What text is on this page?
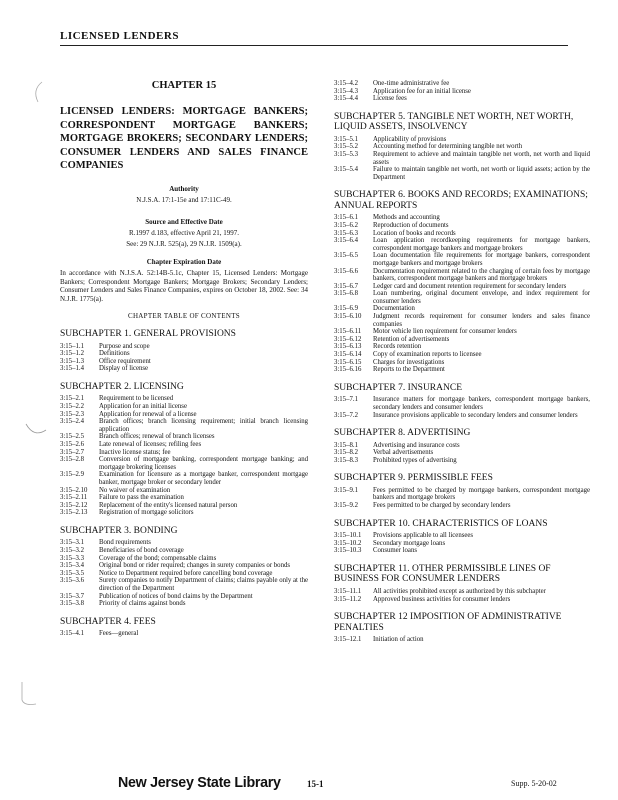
LICENSED LENDERS
CHAPTER 15
LICENSED LENDERS: MORTGAGE BANKERS; CORRESPONDENT MORTGAGE BANKERS; MORTGAGE BROKERS; SECONDARY LENDERS; CONSUMER LENDERS AND SALES FINANCE COMPANIES
Authority
N.J.S.A. 17:1-15e and 17:11C-49.
Source and Effective Date
R.1997 d.183, effective April 21, 1997.
See: 29 N.J.R. 525(a), 29 N.J.R. 1509(a).
Chapter Expiration Date
In accordance with N.J.S.A. 52:14B-5.1c, Chapter 15, Licensed Lenders: Mortgage Bankers; Correspondent Mortgage Bankers; Mortgage Brokers; Secondary Lenders; Consumer Lenders and Sales Finance Companies, expires on October 18, 2002. See: 34 N.J.R. 1775(a).
CHAPTER TABLE OF CONTENTS
SUBCHAPTER 1. GENERAL PROVISIONS
3:15–1.1	Purpose and scope
3:15–1.2	Definitions
3:15–1.3	Office requirement
3:15–1.4	Display of license
SUBCHAPTER 2. LICENSING
3:15–2.1	Requirement to be licensed
3:15–2.2	Application for an initial license
3:15–2.3	Application for renewal of a license
3:15–2.4	Branch offices; branch licensing requirement; initial branch licensing application
3:15–2.5	Branch offices; renewal of branch licenses
3:15–2.6	Late renewal of licenses; refiling fees
3:15–2.7	Inactive license status; fee
3:15–2.8	Conversion of mortgage banking, correspondent mortgage banking; and mortgage brokering licenses
3:15–2.9	Examination for licensure as a mortgage banker, correspondent mortgage banker, mortgage broker or secondary lender
3:15–2.10	No waiver of examination
3:15–2.11	Failure to pass the examination
3:15–2.12	Replacement of the entity's licensed natural person
3:15–2.13	Registration of mortgage solicitors
SUBCHAPTER 3. BONDING
3:15–3.1	Bond requirements
3:15–3.2	Beneficiaries of bond coverage
3:15–3.3	Coverage of the bond; compensable claims
3:15–3.4	Original bond or rider required; changes in surety companies or bonds
3:15–3.5	Notice to Department required before cancelling bond coverage
3:15–3.6	Surety companies to notify Department of claims; claims payable only at the direction of the Department
3:15–3.7	Publication of notices of bond claims by the Department
3:15–3.8	Priority of claims against bonds
SUBCHAPTER 4. FEES
3:15–4.1	Fees—general
3:15–4.2	One-time administrative fee
3:15–4.3	Application fee for an initial license
3:15–4.4	License fees
SUBCHAPTER 5. TANGIBLE NET WORTH, NET WORTH, LIQUID ASSETS, INSOLVENCY
3:15–5.1	Applicability of provisions
3:15–5.2	Accounting method for determining tangible net worth
3:15–5.3	Requirement to achieve and maintain tangible net worth, net worth and liquid assets
3:15–5.4	Failure to maintain tangible net worth, net worth or liquid assets; action by the Department
SUBCHAPTER 6. BOOKS AND RECORDS; EXAMINATIONS; ANNUAL REPORTS
3:15–6.1	Methods and accounting
3:15–6.2	Reproduction of documents
3:15–6.3	Location of books and records
3:15–6.4	Loan application recordkeeping requirements for mortgage bankers, correspondent mortgage bankers and mortgage brokers
3:15–6.5	Loan documentation file requirements for mortgage bankers, correspondent mortgage bankers and mortgage brokers
3:15–6.6	Documentation requirement related to the charging of certain fees by mortgage bankers, correspondent mortgage bankers and mortgage brokers
3:15–6.7	Ledger card and document retention requirement for secondary lenders
3:15–6.8	Loan numbering, original document envelope, and index requirement for consumer lenders
3:15–6.9	Documentation
3:15–6.10	Judgment records requirement for consumer lenders and sales finance companies
3:15–6.11	Motor vehicle lien requirement for consumer lenders
3:15–6.12	Retention of advertisements
3:15–6.13	Records retention
3:15–6.14	Copy of examination reports to licensee
3:15–6.15	Charges for investigations
3:15–6.16	Reports to the Department
SUBCHAPTER 7. INSURANCE
3:15–7.1	Insurance matters for mortgage bankers, correspondent mortgage bankers, secondary lenders and consumer lenders
3:15–7.2	Insurance provisions applicable to secondary lenders and consumer lenders
SUBCHAPTER 8. ADVERTISING
3:15–8.1	Advertising and insurance costs
3:15–8.2	Verbal advertisements
3:15–8.3	Prohibited types of advertising
SUBCHAPTER 9. PERMISSIBLE FEES
3:15–9.1	Fees permitted to be charged by mortgage bankers, correspondent mortgage bankers and mortgage brokers
3:15–9.2	Fees permitted to be charged by secondary lenders
SUBCHAPTER 10. CHARACTERISTICS OF LOANS
3:15–10.1	Provisions applicable to all licensees
3:15–10.2	Secondary mortgage loans
3:15–10.3	Consumer loans
SUBCHAPTER 11. OTHER PERMISSIBLE LINES OF BUSINESS FOR CONSUMER LENDERS
3:15–11.1	All activities prohibited except as authorized by this subchapter
3:15–11.2	Approved business activities for consumer lenders
SUBCHAPTER 12 IMPOSITION OF ADMINISTRATIVE PENALTIES
3:15–12.1	Initiation of action
New Jersey State Library	15-1	Supp. 5-20-02
